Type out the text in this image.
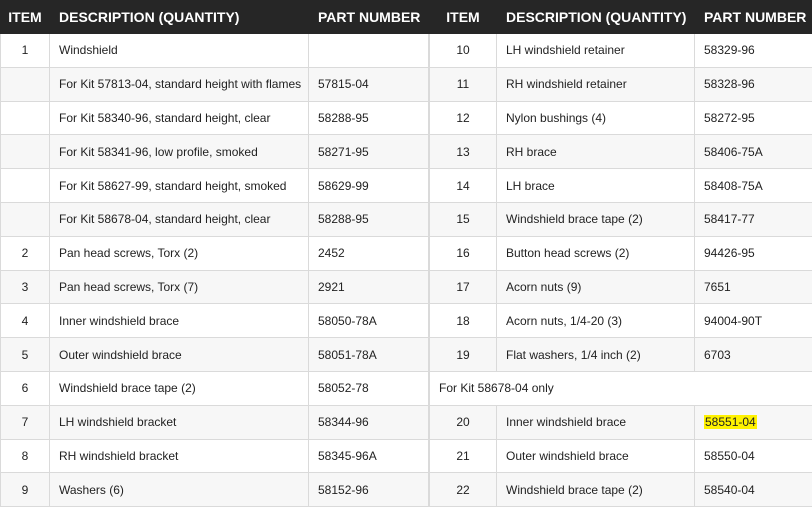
ITEM	DESCRIPTION (QUANTITY)	PART NUMBER
1	Windshield	
	For Kit 57813-04, standard height with flames	57815-04
	For Kit 58340-96, standard height, clear	58288-95
	For Kit 58341-96, low profile, smoked	58271-95
	For Kit 58627-99, standard height, smoked	58629-99
	For Kit 58678-04, standard height, clear	58288-95
2	Pan head screws, Torx (2)	2452
3	Pan head screws, Torx (7)	2921
4	Inner windshield brace	58050-78A
5	Outer windshield brace	58051-78A
6	Windshield brace tape (2)	58052-78
7	LH windshield bracket	58344-96
8	RH windshield bracket	58345-96A
9	Washers (6)	58152-96
ITEM	DESCRIPTION (QUANTITY)	PART NUMBER
10	LH windshield retainer	58329-96
11	RH windshield retainer	58328-96
12	Nylon bushings (4)	58272-95
13	RH brace	58406-75A
14	LH brace	58408-75A
15	Windshield brace tape (2)	58417-77
16	Button head screws (2)	94426-95
17	Acorn nuts (9)	7651
18	Acorn nuts, 1/4-20 (3)	94004-90T
19	Flat washers, 1/4 inch (2)	6703
For Kit 58678-04 only		
20	Inner windshield brace	58551-04
21	Outer windshield brace	58550-04
22	Windshield brace tape (2)	58540-04
